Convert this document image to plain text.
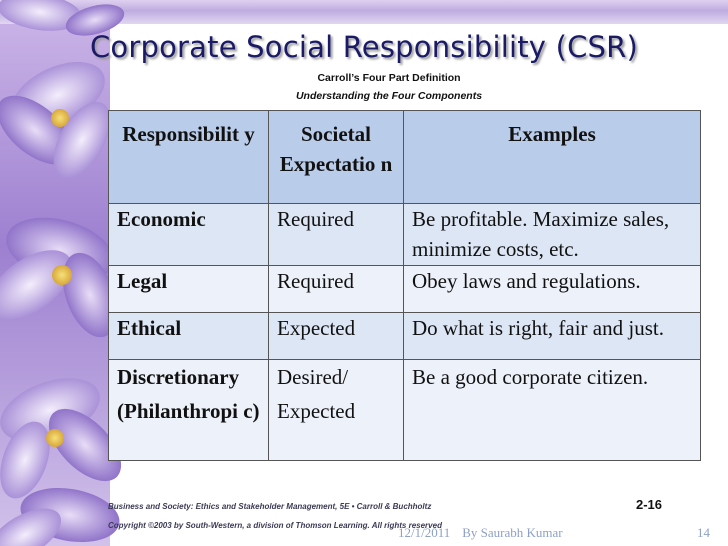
Corporate Social Responsibility (CSR)
Carroll’s Four Part Definition
Understanding the Four Components
Responsibilit y	Societal Expectatio n	Examples
Economic	Required	Be profitable. Maximize sales, minimize costs, etc.
Legal	Required	Obey laws and regulations.
Ethical	Expected	Do what is right, fair and just.
Discretionary (Philanthropi c)	Desired/ Expected	Be a good corporate citizen.
Business and Society: Ethics and Stakeholder Management, 5E • Carroll & Buchholtz
Copyright ©2003 by South-Western, a division of Thomson Learning. All rights reserved
2-16
12/1/2011 By Saurabh Kumar	14
